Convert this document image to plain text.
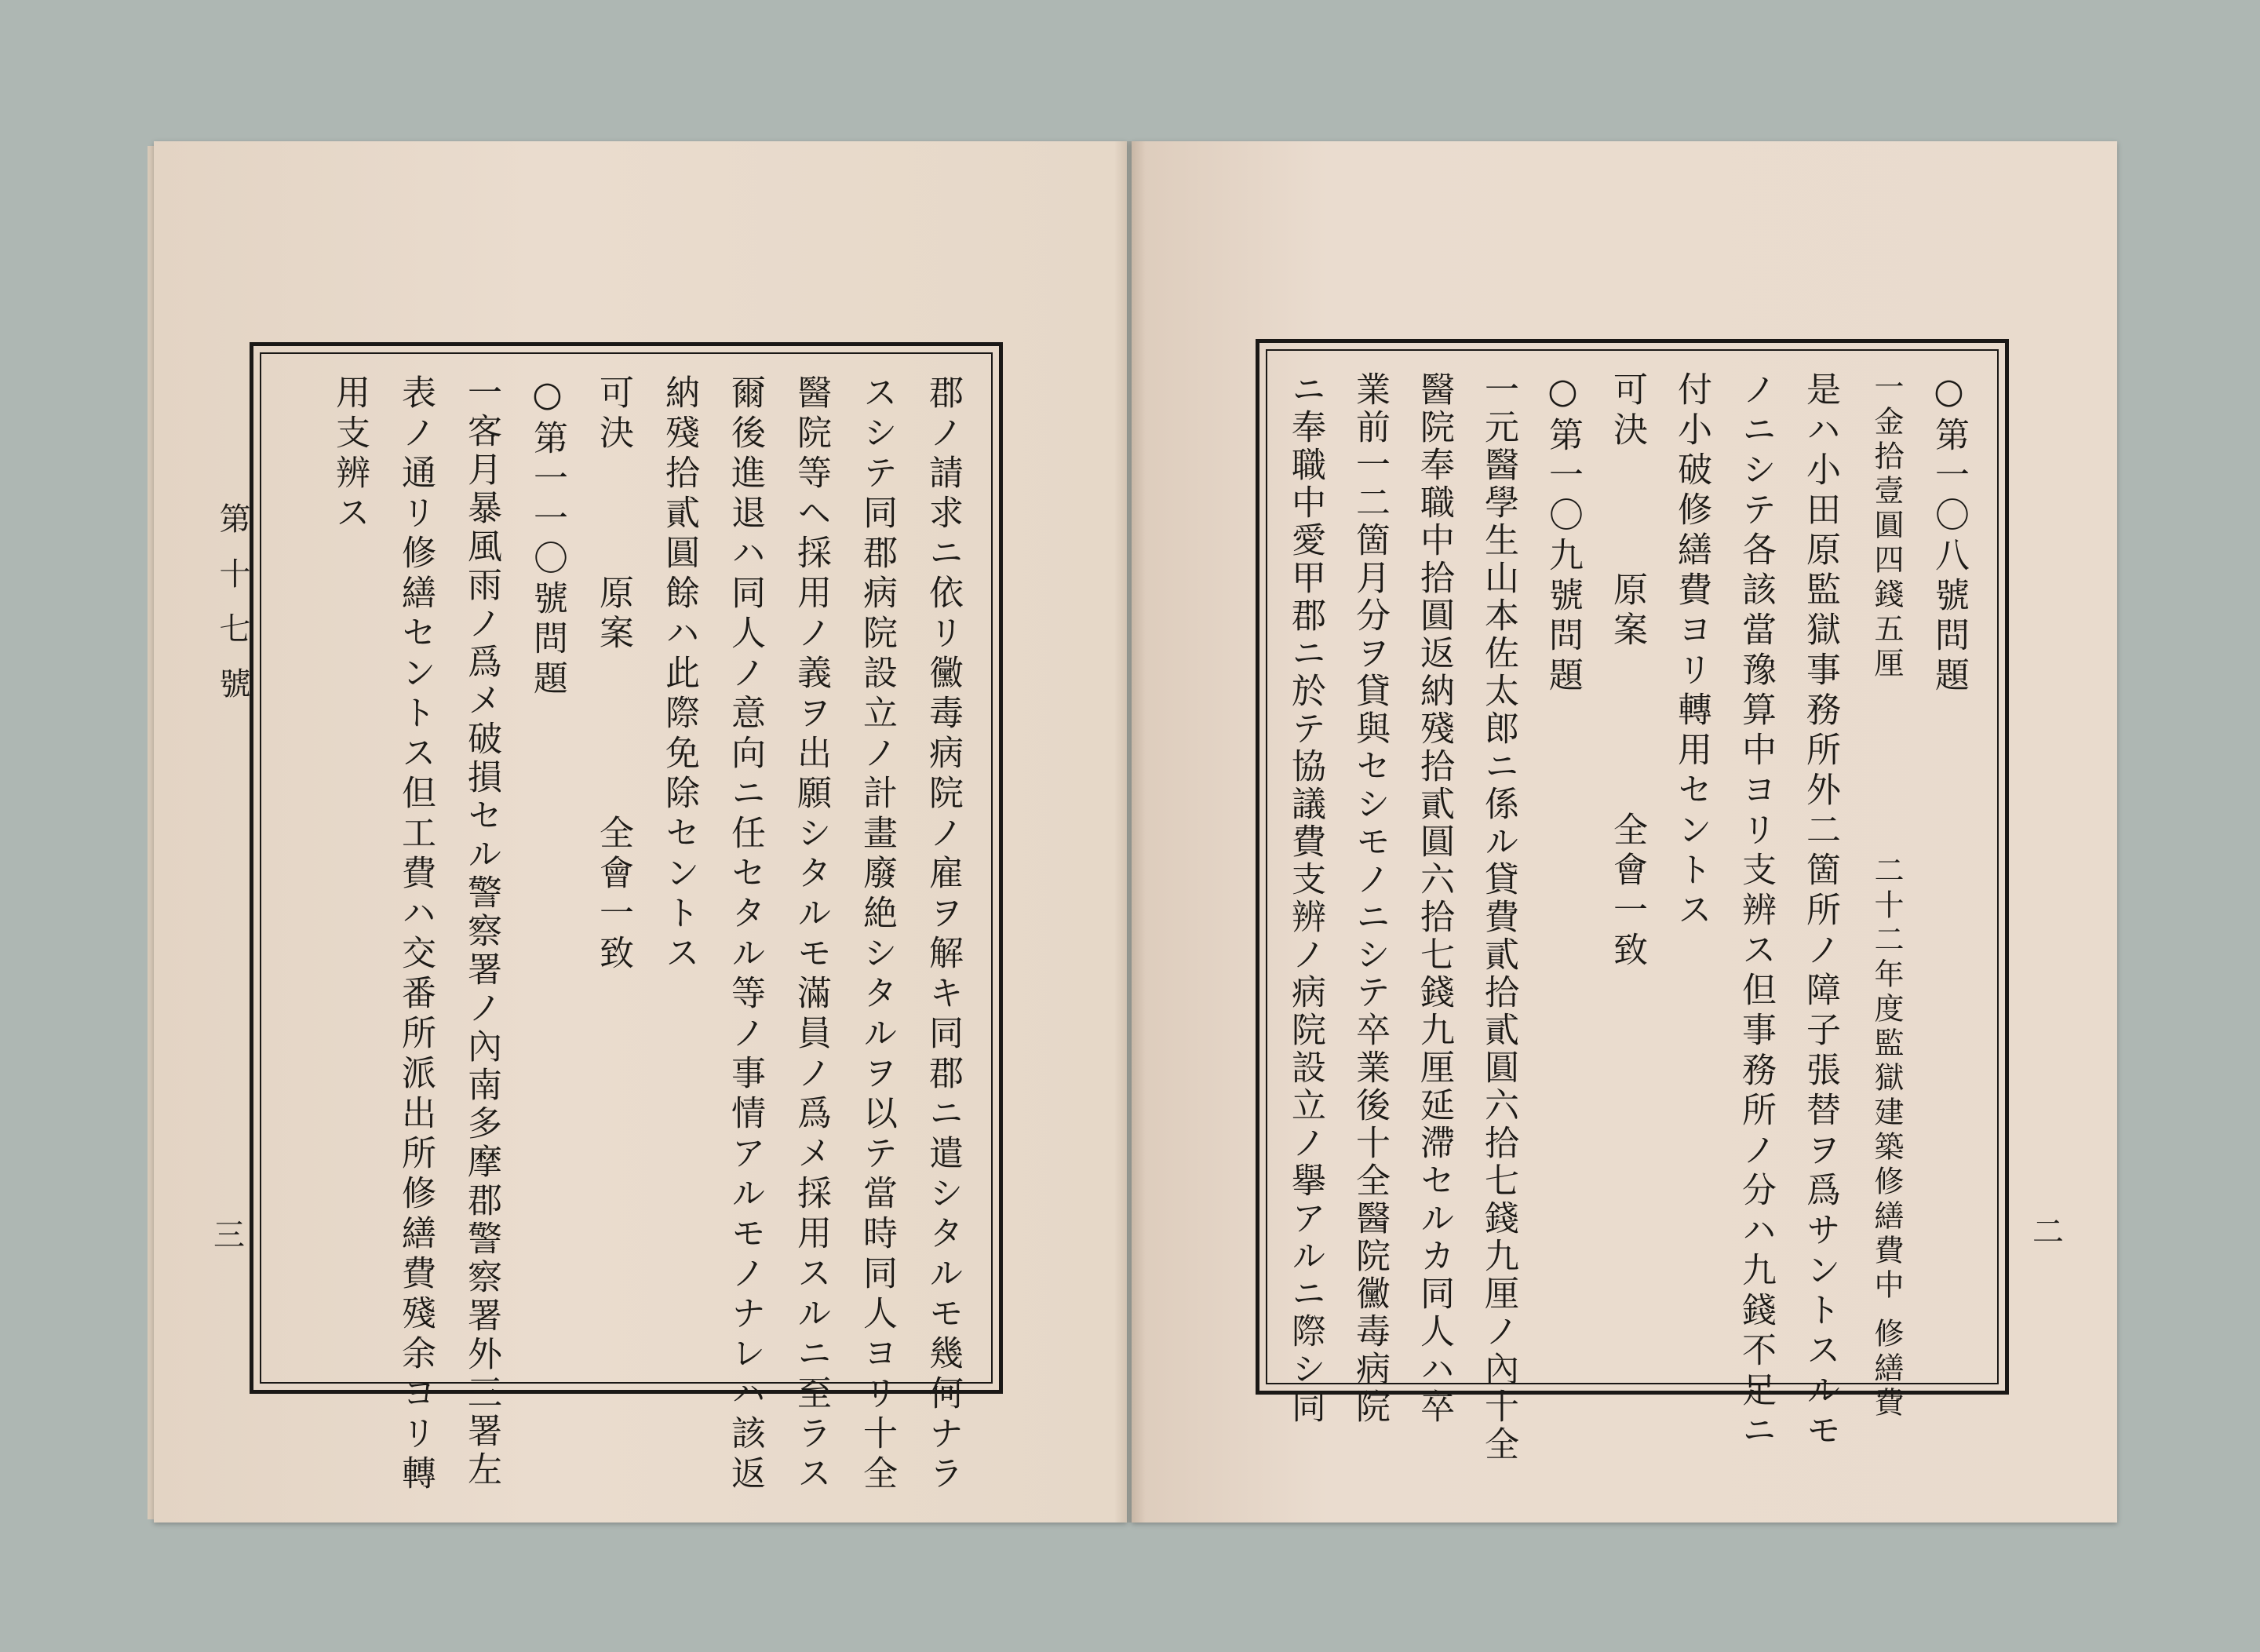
第十七號
三	郡ノ請求ニ依リ黴毒病院ノ雇ヲ解キ同郡ニ遣シタルモ幾何ナラ
スシテ同郡病院設立ノ計畫廢絶シタルヲ以テ當時同人ヨリ十全
醫院等ヘ採用ノ義ヲ出願シタルモ滿員ノ爲メ採用スルニ至ラス
爾後進退ハ同人ノ意向ニ任セタル等ノ事情アルモノナレハ該返
納殘拾貳圓餘ハ此際免除セントス
可決　　　原案　　　　全會一致
○第一一〇號問題
一客月暴風雨ノ爲メ破損セル警察署ノ內南多摩郡警察署外三署左
表ノ通リ修繕セントス但工費ハ交番所派出所修繕費殘余ヨリ轉
用支辨ス
二
○第一〇八號問題
一金拾壹圓四錢五厘　　　　　二十二年度監獄建築修繕費中 修繕費
是ハ小田原監獄事務所外二箇所ノ障子張替ヲ爲サントスルモ
ノニシテ各該當豫算中ヨリ支辨ス但事務所ノ分ハ九錢不足ニ
付小破修繕費ヨリ轉用セントス
可決　　　原案　　　　全會一致
○第一〇九號問題
一元醫學生山本佐太郎ニ係ル貸費貳拾貳圓六拾七錢九厘ノ內十全
醫院奉職中拾圓返納殘拾貳圓六拾七錢九厘延滯セルカ同人ハ卒
業前一二箇月分ヲ貸與セシモノニシテ卒業後十全醫院黴毒病院
ニ奉職中愛甲郡ニ於テ協議費支辨ノ病院設立ノ擧アルニ際シ同
